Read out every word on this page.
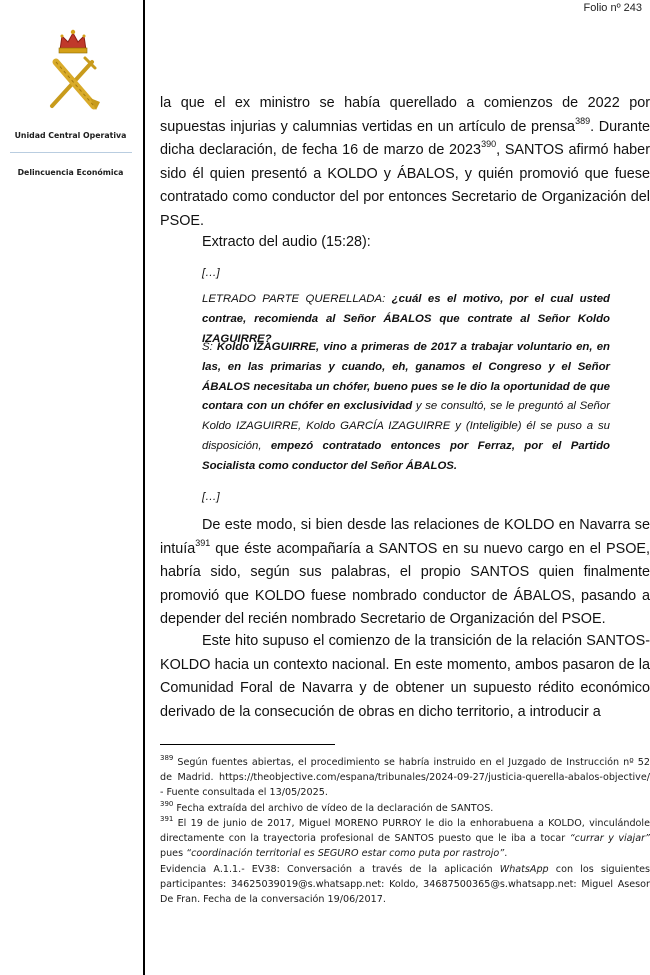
Folio nº 243
Unidad Central Operativa
Delincuencia Económica
la que el ex ministro se había querellado a comienzos de 2022 por supuestas injurias y calumnias vertidas en un artículo de prensa$^{389}$. Durante dicha declaración, de fecha 16 de marzo de 2023$^{390}$, SANTOS afirmó haber sido él quien presentó a KOLDO y ÁBALOS, y quién promovió que fuese contratado como conductor del por entonces Secretario de Organización del PSOE.
Extracto del audio (15:28):
[…]
LETRADO PARTE QUERELLADA: ¿cuál es el motivo, por el cual usted contrae, recomienda al Señor ÁBALOS que contrate al Señor Koldo IZAGUIRRE?
S: Koldo IZAGUIRRE, vino a primeras de 2017 a trabajar voluntario en, en las, en las primarias y cuando, eh, ganamos el Congreso y el Señor ÁBALOS necesitaba un chófer, bueno pues se le dio la oportunidad de que contara con un chófer en exclusividad y se consultó, se le preguntó al Señor Koldo IZAGUIRRE, Koldo GARCÍA IZAGUIRRE y (Inteligible) él se puso a su disposición, empezó contratado entonces por Ferraz, por el Partido Socialista como conductor del Señor ÁBALOS.
[…]
De este modo, si bien desde las relaciones de KOLDO en Navarra se intuía$^{391}$ que éste acompañaría a SANTOS en su nuevo cargo en el PSOE, habría sido, según sus palabras, el propio SANTOS quien finalmente promovió que KOLDO fuese nombrado conductor de ÁBALOS, pasando a depender del recién nombrado Secretario de Organización del PSOE.
Este hito supuso el comienzo de la transición de la relación SANTOS-KOLDO hacia un contexto nacional. En este momento, ambos pasaron de la Comunidad Foral de Navarra y de obtener un supuesto rédito económico derivado de la consecución de obras en dicho territorio, a introducir a
$^{389}$ Según fuentes abiertas, el procedimiento se habría instruido en el Juzgado de Instrucción nº 52 de Madrid. https://theobjective.com/espana/tribunales/2024-09-27/justicia-querella-abalos-objective/ - Fuente consultada el 13/05/2025.
$^{390}$ Fecha extraída del archivo de vídeo de la declaración de SANTOS.
$^{391}$ El 19 de junio de 2017, Miguel MORENO PURROY le dio la enhorabuena a KOLDO, vinculándole directamente con la trayectoria profesional de SANTOS puesto que le iba a tocar “currar y viajar” pues “coordinación territorial es SEGURO estar como puta por rastrojo”.
Evidencia A.1.1.- EV38: Conversación a través de la aplicación WhatsApp con los siguientes participantes: 34625039019@s.whatsapp.net: Koldo, 34687500365@s.whatsapp.net: Miguel Asesor De Fran. Fecha de la conversación 19/06/2017.
